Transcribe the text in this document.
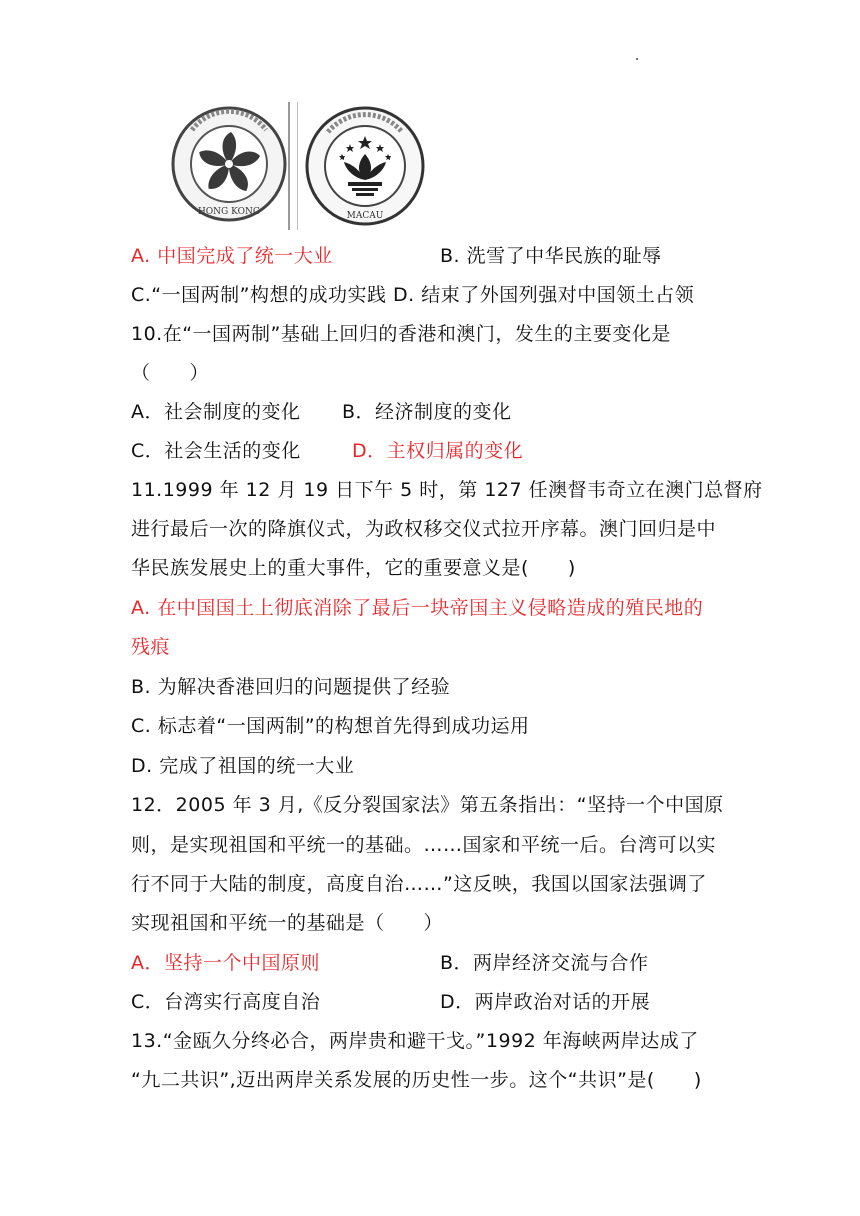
HONG KONG	MACAU
A. 中国完成了统一大业	B. 洗雪了中华民族的耻辱
C.“一国两制”构想的成功实践 D. 结束了外国列强对中国领土占领
10.在“一国两制”基础上回归的香港和澳门，发生的主要变化是
（　　）
A．社会制度的变化 B．经济制度的变化
C．社会生活的变化	D．主权归属的变化
11.1999 年 12 月 19 日下午 5 时，第 127 任澳督韦奇立在澳门总督府
进行最后一次的降旗仪式，为政权移交仪式拉开序幕。澳门回归是中
华民族发展史上的重大事件，它的重要意义是(　　)
A. 在中国国土上彻底消除了最后一块帝国主义侵略造成的殖民地的
残痕
B. 为解决香港回归的问题提供了经验
C. 标志着“一国两制”的构想首先得到成功运用
D. 完成了祖国的统一大业
12．2005 年 3 月,《反分裂国家法》第五条指出：“坚持一个中国原
则，是实现祖国和平统一的基础。……国家和平统一后。台湾可以实
行不同于大陆的制度，高度自治……”这反映，我国以国家法强调了
实现祖国和平统一的基础是（　　）
A．坚持一个中国原则	B．两岸经济交流与合作
C．台湾实行高度自治	D．两岸政治对话的开展
13.“金瓯久分终必合，两岸贵和避干戈。”1992 年海峡两岸达成了
“九二共识”,迈出两岸关系发展的历史性一步。这个“共识”是(　　)
